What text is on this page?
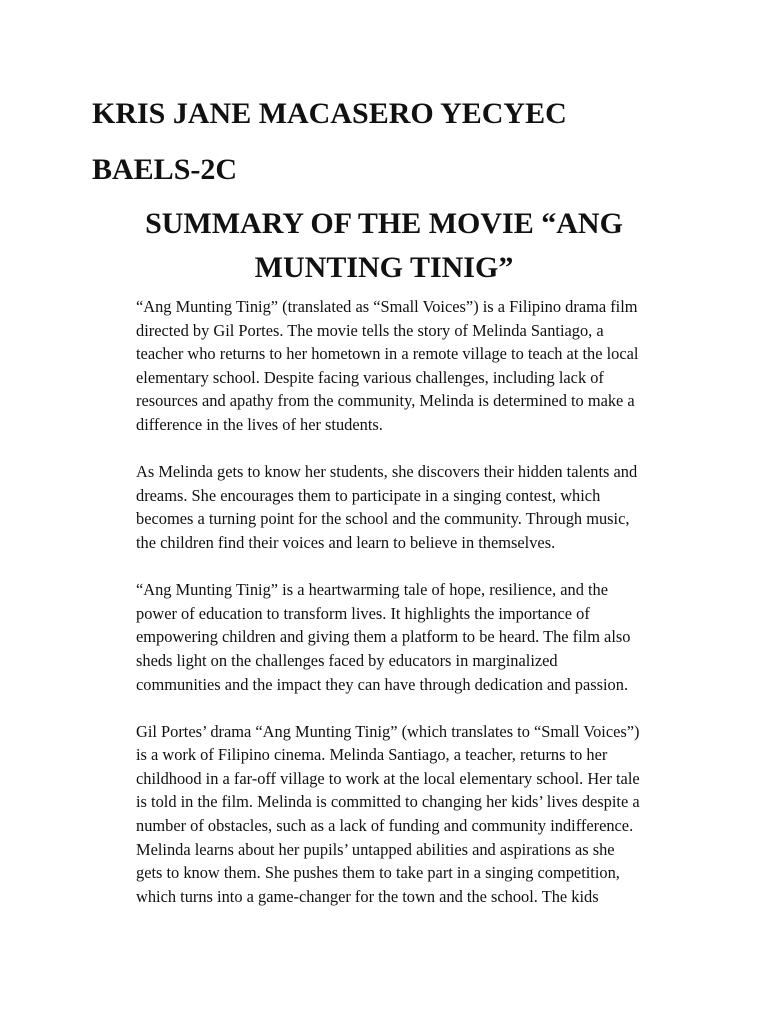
KRIS JANE MACASERO YECYEC
BAELS-2C
SUMMARY OF THE MOVIE “ANG
MUNTING TINIG”

“Ang Munting Tinig” (translated as “Small Voices”) is a Filipino drama film
directed by Gil Portes. The movie tells the story of Melinda Santiago, a
teacher who returns to her hometown in a remote village to teach at the local
elementary school. Despite facing various challenges, including lack of
resources and apathy from the community, Melinda is determined to make a
difference in the lives of her students.

As Melinda gets to know her students, she discovers their hidden talents and
dreams. She encourages them to participate in a singing contest, which
becomes a turning point for the school and the community. Through music,
the children find their voices and learn to believe in themselves.

“Ang Munting Tinig” is a heartwarming tale of hope, resilience, and the
power of education to transform lives. It highlights the importance of
empowering children and giving them a platform to be heard. The film also
sheds light on the challenges faced by educators in marginalized
communities and the impact they can have through dedication and passion.

Gil Portes’ drama “Ang Munting Tinig” (which translates to “Small Voices”)
is a work of Filipino cinema. Melinda Santiago, a teacher, returns to her
childhood in a far-off village to work at the local elementary school. Her tale
is told in the film. Melinda is committed to changing her kids’ lives despite a
number of obstacles, such as a lack of funding and community indifference.
Melinda learns about her pupils’ untapped abilities and aspirations as she
gets to know them. She pushes them to take part in a singing competition,
which turns into a game-changer for the town and the school. The kids
